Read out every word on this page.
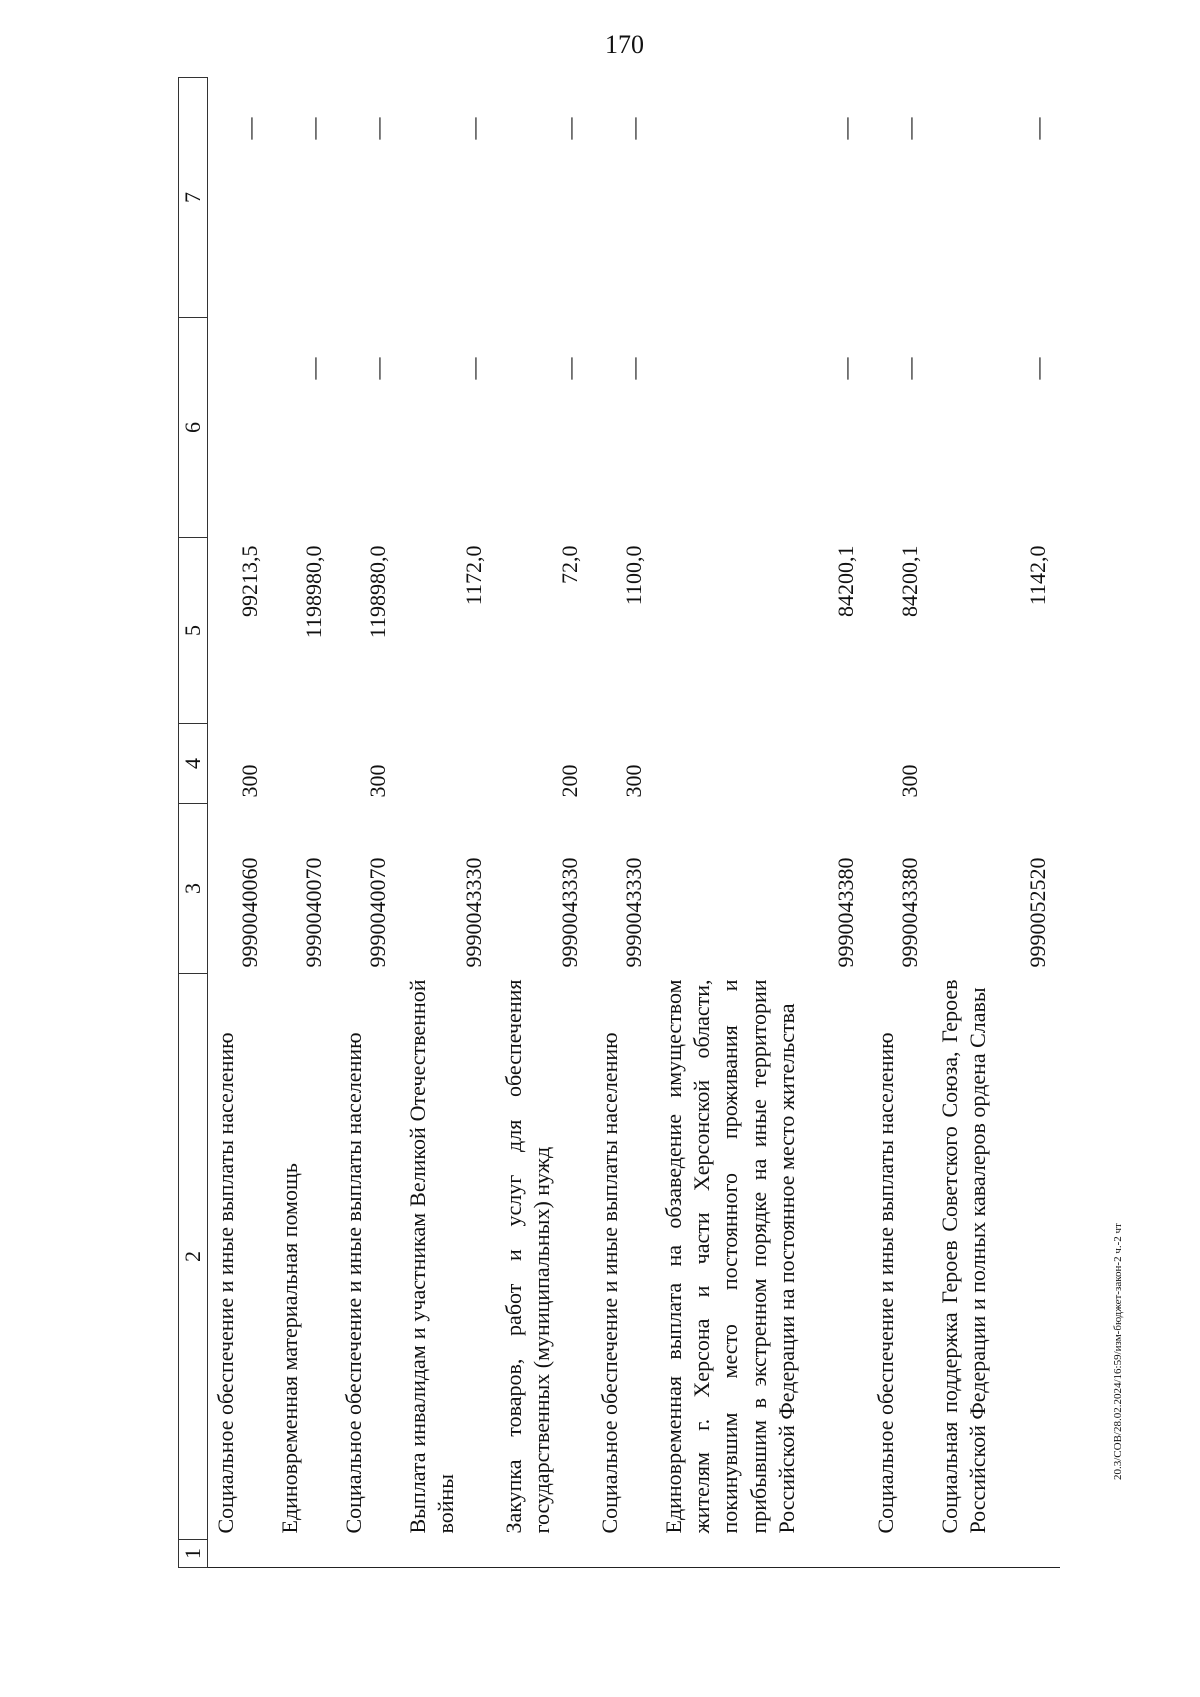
170
20.3/СОВ/28.02.2024/16:59/изм-бюджет-закон-2 ч.-2 чт
1	2	3	4	5	6	7
	Социальное обеспечение и иные выплаты населению	9990040060	300	99213,5		—
	Единовременная материальная помощь	9990040070		1198980,0	—	—
	Социальное обеспечение и иные выплаты населению	9990040070	300	1198980,0	—	—
	Выплата инвалидам и участникам Великой Отечественной войны	9990043330		1172,0	—	—
	Закупка товаров, работ и услуг для обеспечения государственных (муниципальных) нужд	9990043330	200	72,0	—	—
	Социальное обеспечение и иные выплаты населению	9990043330	300	1100,0	—	—
	Единовременная выплата на обзаведение имуществом жителям г. Херсона и части Херсонской области, покинувшим место постоянного проживания и прибывшим в экстренном порядке на иные территории Российской Федерации на постоянное место жительства	9990043380		84200,1	—	—
	Социальное обеспечение и иные выплаты населению	9990043380	300	84200,1	—	—
	Социальная поддержка Героев Советского Союза, Героев Российской Федерации и полных кавалеров ордена Славы	9990052520		1142,0	—	—
